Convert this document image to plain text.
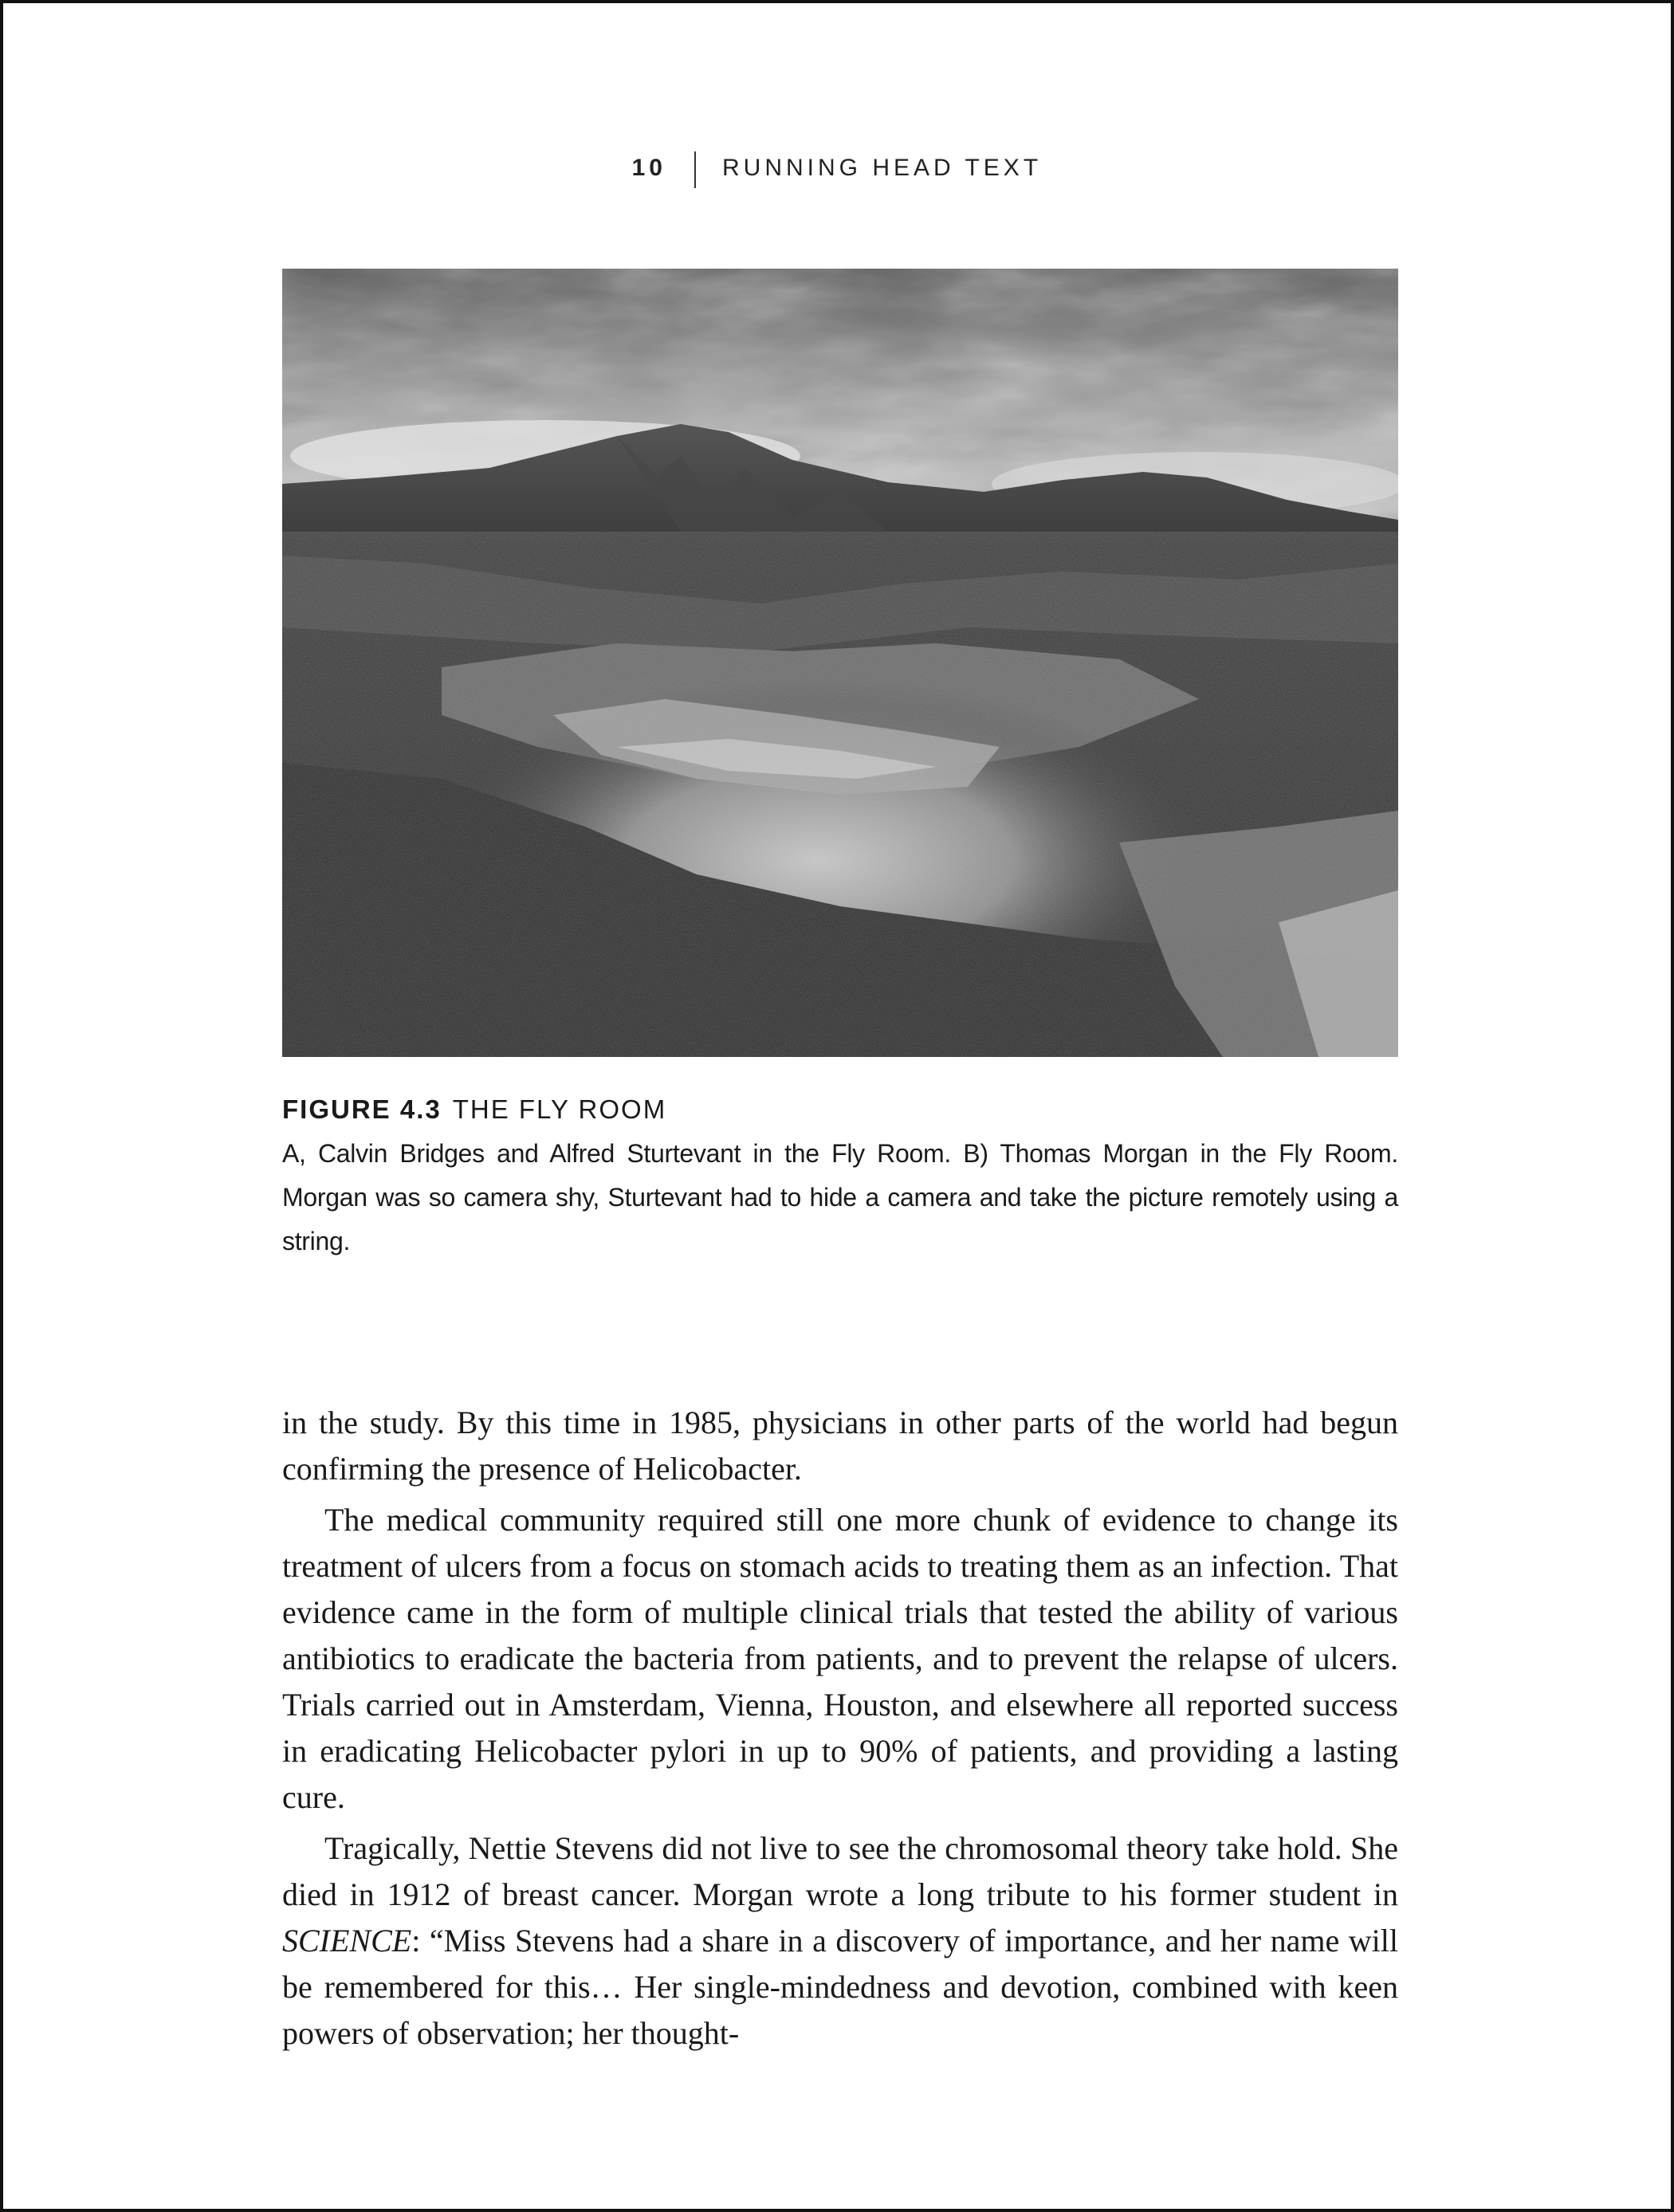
10 RUNNING HEAD TEXT

FIGURE 4.3 THE FLY ROOM

A, Calvin Bridges and Alfred Sturtevant in the Fly Room. B) Thomas Morgan in the Fly Room. Morgan was so camera shy, Sturtevant had to hide a camera and take the picture remotely using a string.

in the study. By this time in 1985, physicians in other parts of the world had begun confirming the presence of Helicobacter.

The medical community required still one more chunk of evidence to change its treatment of ulcers from a focus on stomach acids to treating them as an infection. That evidence came in the form of multiple clinical trials that tested the ability of various antibiotics to eradicate the bacteria from patients, and to prevent the relapse of ulcers. Trials carried out in Amsterdam, Vienna, Houston, and elsewhere all reported success in eradicating Helicobacter pylori in up to 90% of patients, and providing a lasting cure.

Tragically, Nettie Stevens did not live to see the chromosomal theory take hold. She died in 1912 of breast cancer. Morgan wrote a long tribute to his former student in SCIENCE: “Miss Stevens had a share in a discovery of importance, and her name will be remembered for this… Her single-mindedness and devotion, combined with keen powers of observation; her thought-
